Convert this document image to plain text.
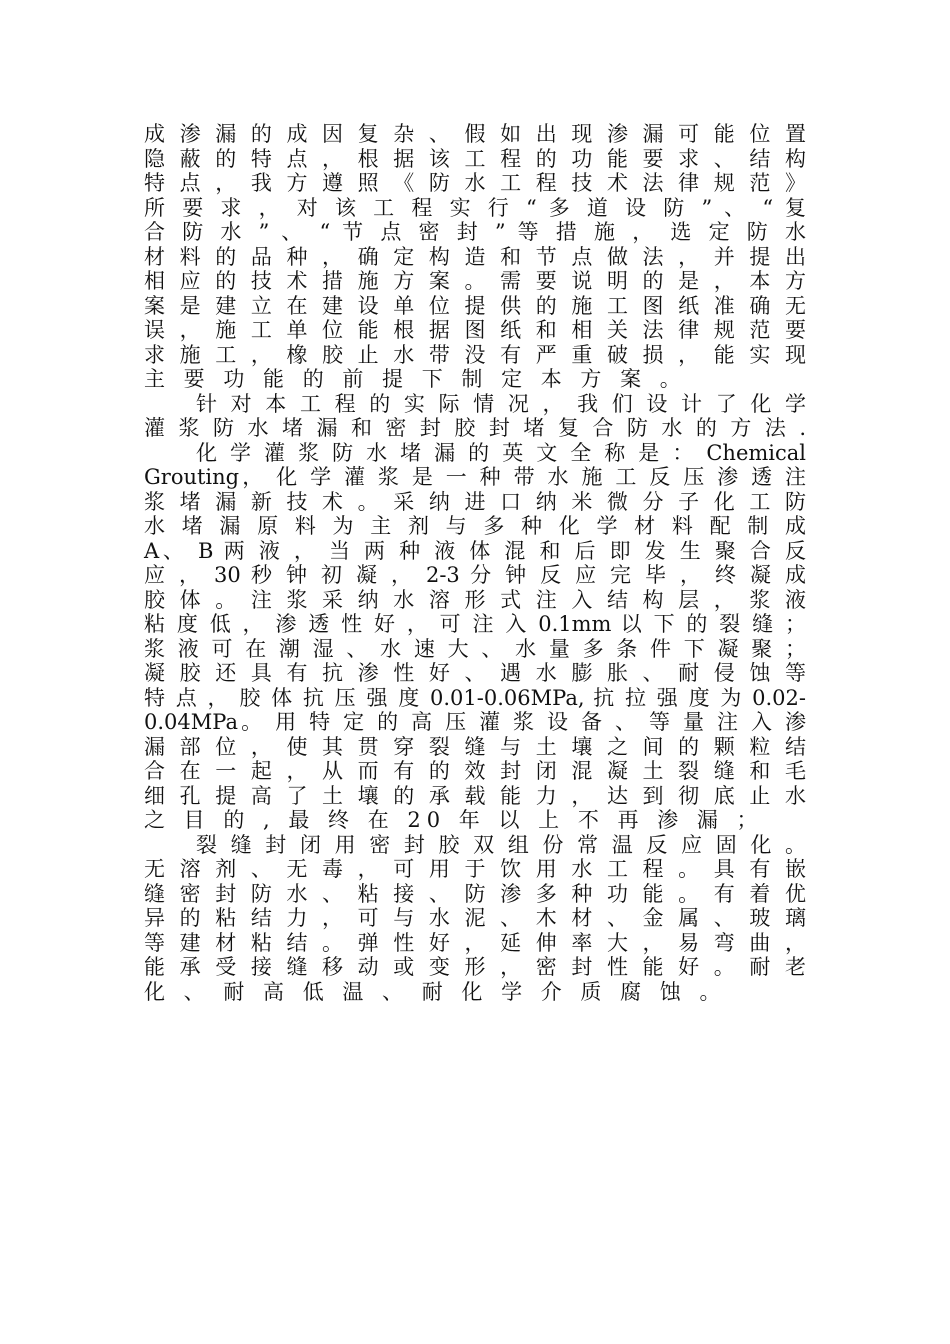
成 渗 漏 的 成 因 复 杂 、 假 如 出 现 渗 漏 可 能 位 置
隐 蔽 的 特 点 ， 根 据 该 工 程 的 功 能 要 求 、 结 构
特 点 ， 我 方 遵 照 《 防 水 工 程 技 术 法 律 规 范 》
所 要 求 ， 对 该 工 程 实 行 “ 多 道 设 防 ” 、 “ 复
合 防 水 ” 、 “ 节 点 密 封 ” 等 措 施 ， 选 定 防 水
材 料 的 品 种 ， 确 定 构 造 和 节 点 做 法 ， 并 提 出
相 应 的 技 术 措 施 方 案 。 需 要 说 明 的 是 ， 本 方
案 是 建 立 在 建 设 单 位 提 供 的 施 工 图 纸 准 确 无
误 ， 施 工 单 位 能 根 据 图 纸 和 相 关 法 律 规 范 要
求 施 工 ， 橡 胶 止 水 带 没 有 严 重 破 损 ， 能 实 现
主 要 功 能 的 前 提 下 制 定 本 方 案 。
针 对 本 工 程 的 实 际 情 况 ， 我 们 设 计 了 化 学
灌 浆 防 水 堵 漏 和 密 封 胶 封 堵 复 合 防 水 的 方 法 .
化 学 灌 浆 防 水 堵 漏 的 英 文 全 称 是 ： Chemical
Grouting， 化 学 灌 浆 是 一 种 带 水 施 工 反 压 渗 透 注
浆 堵 漏 新 技 术 。 采 纳 进 口 纳 米 微 分 子 化 工 防
水 堵 漏 原 料 为 主 剂 与 多 种 化 学 材 料 配 制 成
A、 B 两 液 ， 当 两 种 液 体 混 和 后 即 发 生 聚 合 反
应 ， 30 秒 钟 初 凝 ， 2-3 分 钟 反 应 完 毕 ， 终 凝 成
胶 体 。 注 浆 采 纳 水 溶 形 式 注 入 结 构 层 ， 浆 液
粘 度 低 ， 渗 透 性 好 ， 可 注 入 0.1mm 以 下 的 裂 缝 ；
浆 液 可 在 潮 湿 、 水 速 大 、 水 量 多 条 件 下 凝 聚 ；
凝 胶 还 具 有 抗 渗 性 好 、 遇 水 膨 胀 、 耐 侵 蚀 等
特 点 ， 胶 体 抗 压 强 度 0.01-0.06MPa, 抗 拉 强 度 为 0.02-
0.04MPa。 用 特 定 的 高 压 灌 浆 设 备 、 等 量 注 入 渗
漏 部 位 ， 使 其 贯 穿 裂 缝 与 土 壤 之 间 的 颗 粒 结
合 在 一 起 ， 从 而 有 的 效 封 闭 混 凝 土 裂 缝 和 毛
细 孔 提 高 了 土 壤 的 承 载 能 力 ， 达 到 彻 底 止 水
之 目 的 , 最 终 在 20 年 以 上 不 再 渗 漏 ；
裂 缝 封 闭 用 密 封 胶 双 组 份 常 温 反 应 固 化 。
无 溶 剂 、 无 毒 ， 可 用 于 饮 用 水 工 程 。 具 有 嵌
缝 密 封 防 水 、 粘 接 、 防 渗 多 种 功 能 。 有 着 优
异 的 粘 结 力 ， 可 与 水 泥 、 木 材 、 金 属 、 玻 璃
等 建 材 粘 结 。 弹 性 好 ， 延 伸 率 大 ， 易 弯 曲 ，
能 承 受 接 缝 移 动 或 变 形 ， 密 封 性 能 好 。 耐 老
化 、 耐 高 低 温 、 耐 化 学 介 质 腐 蚀 。
